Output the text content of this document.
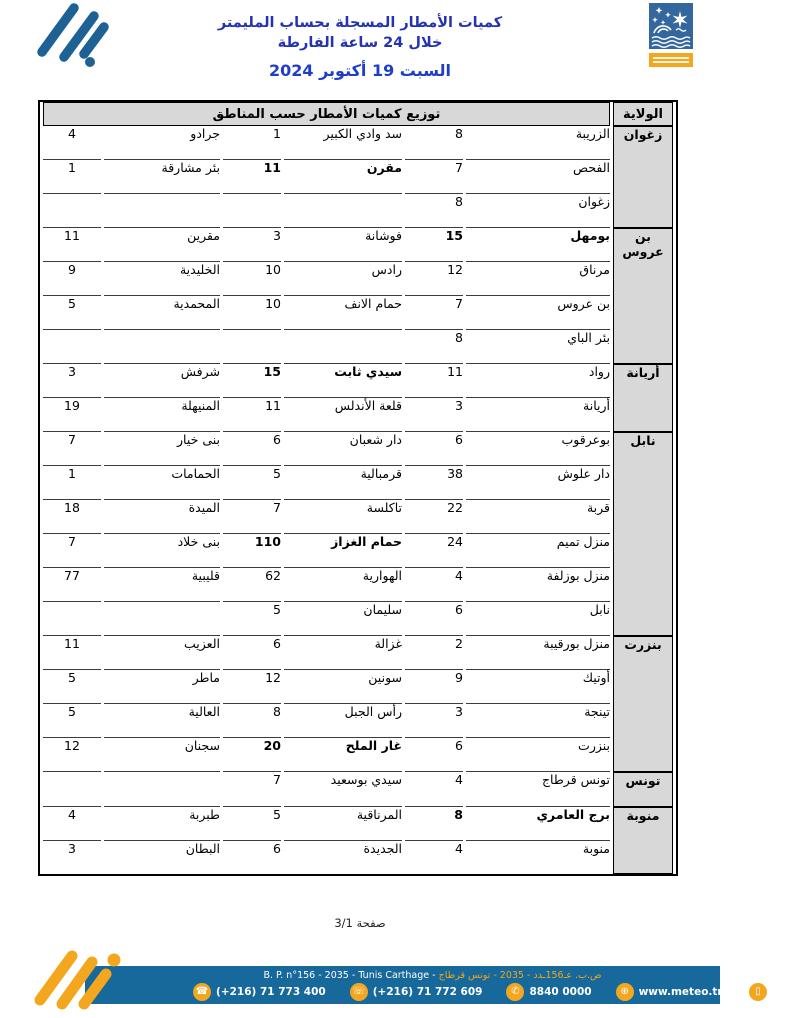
كميات الأمطار المسجلة بحساب المليمتر
خلال 24 ساعة الفارطة
السبت 19 أكتوبر 2024
الولاية	توزيع كميات الأمطار حسب المناطق					
زغوان	الزريبة	8	سد وادي الكبير	1	جرادو	4
	الفحص	7	مقرن	11	بئر مشارقة	1
	زغوان	8				
بن عروس	بومهل	15	فوشانة	3	مقرين	11
	مرناق	12	رادس	10	الخليدية	9
	بن عروس	7	حمام الانف	10	المحمدية	5
	بئر الباي	8				
أريانة	رواد	11	سيدي ثابت	15	شرفش	3
	أريانة	3	قلعة الأندلس	11	المنيهلة	19
نابل	بوعرقوب	6	دار شعبان	6	بنى خيار	7
	دار علوش	38	قرمبالية	5	الحمامات	1
	قربة	22	تاكلسة	7	الميدة	18
	منزل تميم	24	حمام الغزاز	110	بنى خلاد	7
	منزل بوزلفة	4	الهوارية	62	قليبية	77
	نابل	6	سليمان	5		
بنزرت	منزل بورقيبة	2	غزالة	6	العزيب	11
	أوتيك	9	سونين	12	ماطر	5
	تينجة	3	رأس الجبل	8	العالية	5
	بنزرت	6	غار الملح	20	سجنان	12
تونس	تونس قرطاج	4	سيدي بوسعيد	7		
منوبة	برج العامري	8	المرناقية	5	طبربة	4
	منوبة	4	الجديدة	6	البطان	3
صفحة 3/1
B. P. n°156 - 2035 - Tunis Carthage - ص.ب. عـ156ـدد - 2035 - تونس قرطاج
☎ (+216) 71 773 400	☏ (+216) 71 772 609	✆ 8840 0000	⊕ www.meteo.tn	▯	85012
